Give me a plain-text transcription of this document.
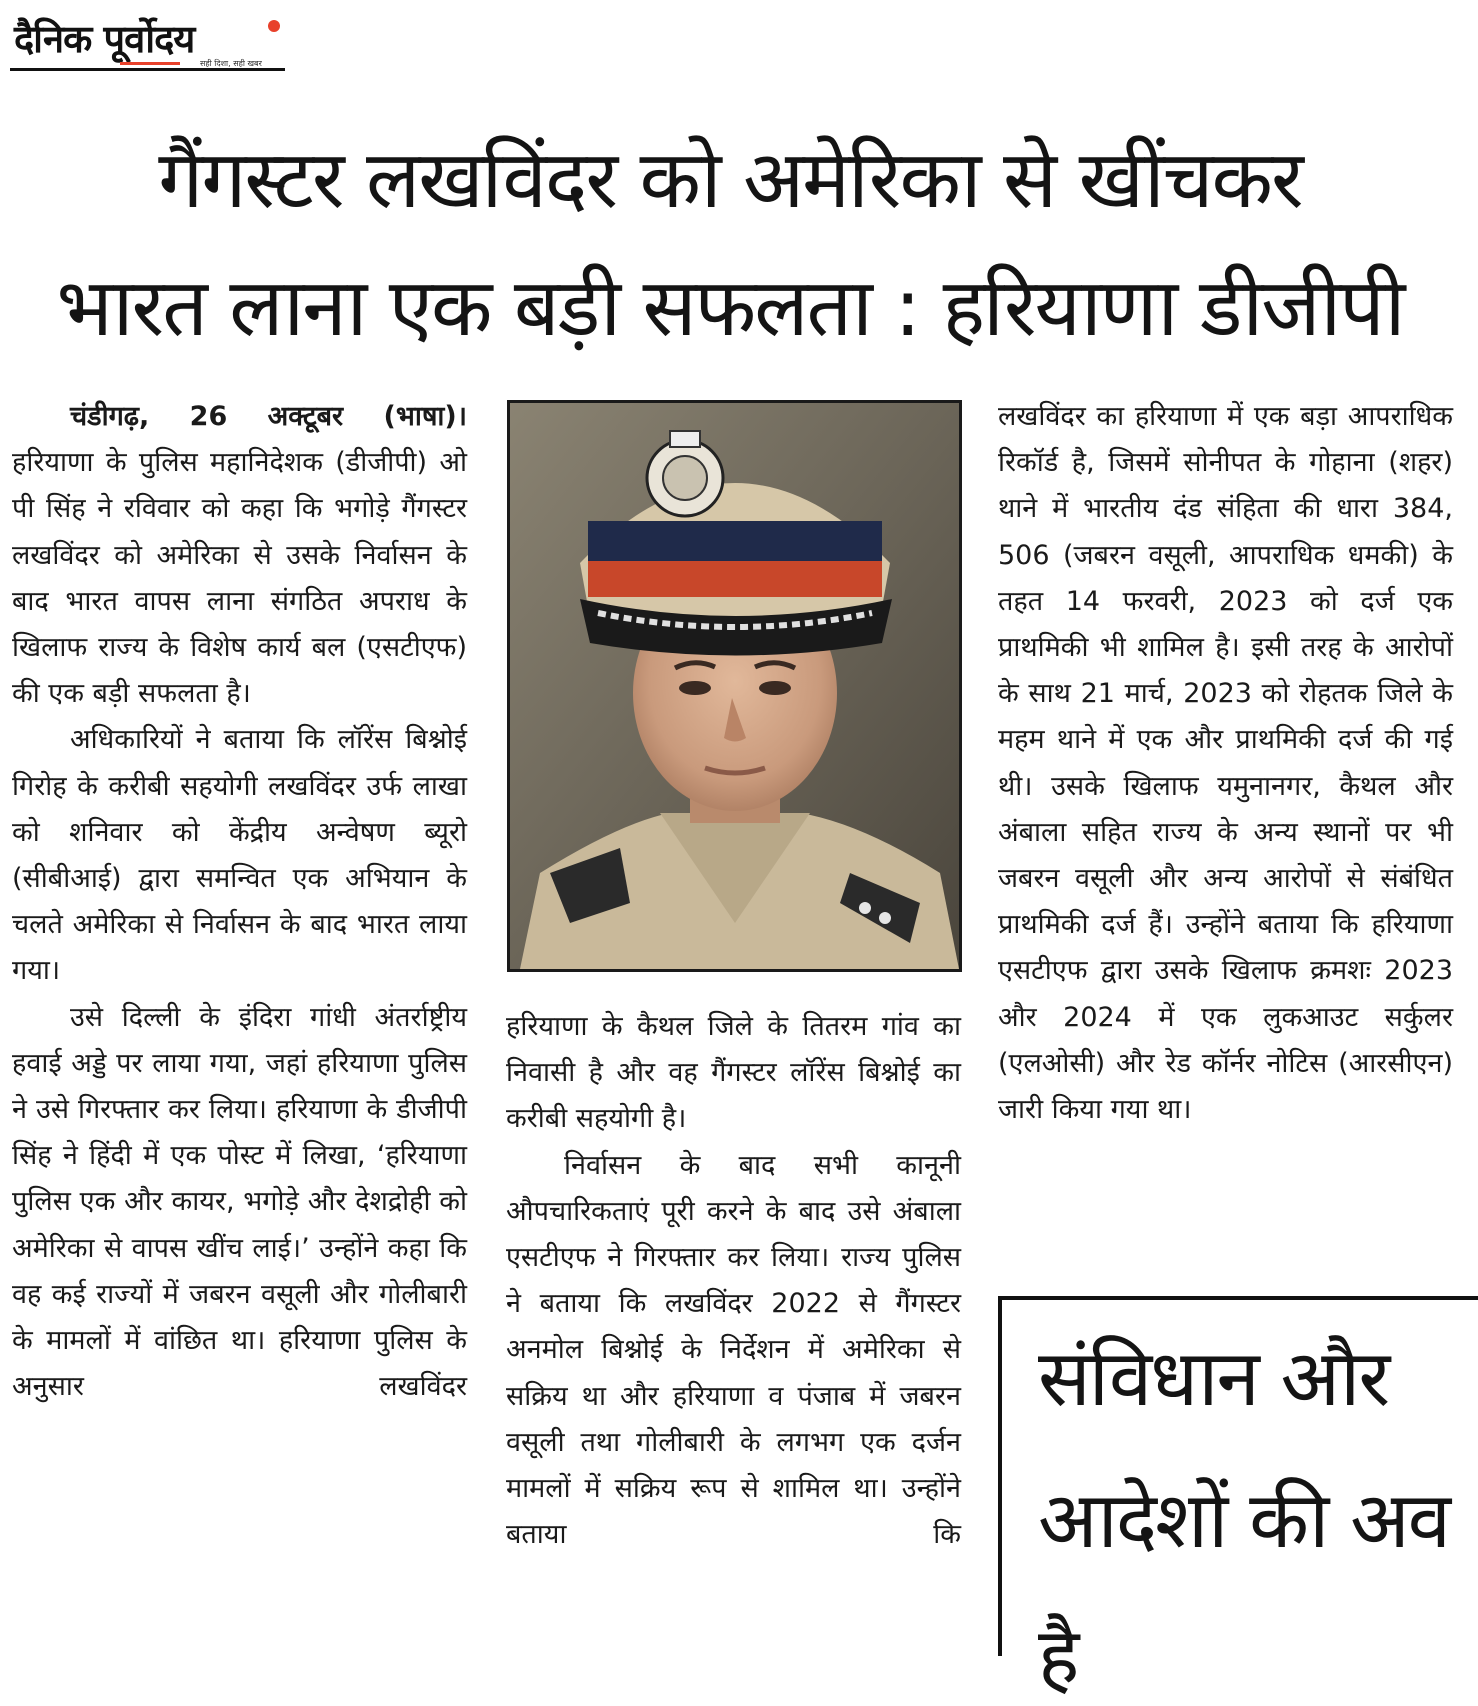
दैनिक पूर्वोदय
सही दिशा, सही खबर
गैंगस्टर लखविंदर को अमेरिका से खींचकर
भारत लाना एक बड़ी सफलता : हरियाणा डीजीपी

चंडीगढ़, 26 अक्टूबर (भाषा)।

हरियाणा के पुलिस महानिदेशक (डीजीपी) ओ पी सिंह ने रविवार को कहा कि भगोड़े गैंगस्टर लखविंदर को अमेरिका से उसके निर्वासन के बाद भारत वापस लाना संगठित अपराध के खिलाफ राज्य के विशेष कार्य बल (एसटीएफ) की एक बड़ी सफलता है।

अधिकारियों ने बताया कि लॉरेंस बिश्नोई गिरोह के करीबी सहयोगी लखविंदर उर्फ लाखा को शनिवार को केंद्रीय अन्वेषण ब्यूरो (सीबीआई) द्वारा समन्वित एक अभियान के चलते अमेरिका से निर्वासन के बाद भारत लाया गया।

उसे दिल्ली के इंदिरा गांधी अंतर्राष्ट्रीय हवाई अड्डे पर लाया गया, जहां हरियाणा पुलिस ने उसे गिरफ्तार कर लिया। हरियाणा के डीजीपी सिंह ने हिंदी में एक पोस्ट में लिखा, ‘हरियाणा पुलिस एक और कायर, भगोड़े और देशद्रोही को अमेरिका से वापस खींच लाई।’ उन्होंने कहा कि वह कई राज्यों में जबरन वसूली और गोलीबारी के मामलों में वांछित था। हरियाणा पुलिस के अनुसार लखविंदर

हरियाणा के कैथल जिले के तितरम गांव का निवासी है और वह गैंगस्टर लॉरेंस बिश्नोई का करीबी सहयोगी है।

निर्वासन के बाद सभी कानूनी औपचारिकताएं पूरी करने के बाद उसे अंबाला एसटीएफ ने गिरफ्तार कर लिया। राज्य पुलिस ने बताया कि लखविंदर 2022 से गैंगस्टर अनमोल बिश्नोई के निर्देशन में अमेरिका से सक्रिय था और हरियाणा व पंजाब में जबरन वसूली तथा गोलीबारी के लगभग एक दर्जन मामलों में सक्रिय रूप से शामिल था। उन्होंने बताया कि

लखविंदर का हरियाणा में एक बड़ा आपराधिक रिकॉर्ड है, जिसमें सोनीपत के गोहाना (शहर) थाने में भारतीय दंड संहिता की धारा 384, 506 (जबरन वसूली, आपराधिक धमकी) के तहत 14 फरवरी, 2023 को दर्ज एक प्राथमिकी भी शामिल है। इसी तरह के आरोपों के साथ 21 मार्च, 2023 को रोहतक जिले के महम थाने में एक और प्राथमिकी दर्ज की गई थी। उसके खिलाफ यमुनानगर, कैथल और अंबाला सहित राज्य के अन्य स्थानों पर भी जबरन वसूली और अन्य आरोपों से संबंधित प्राथमिकी दर्ज हैं। उन्होंने बताया कि हरियाणा एसटीएफ द्वारा उसके खिलाफ क्रमशः 2023 और 2024 में एक लुकआउट सर्कुलर (एलओसी) और रेड कॉर्नर नोटिस (आरसीएन) जारी किया गया था।

संविधान और
आदेशों की अव
है
